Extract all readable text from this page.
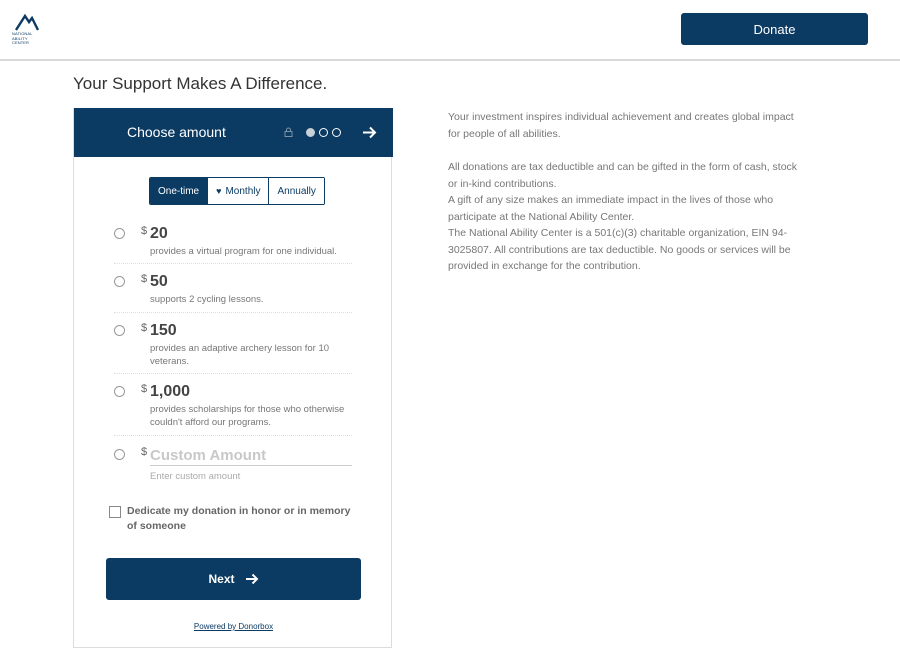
NATIONAL
ABILITY
CENTER
Donate
Your Support Makes A Difference.
Choose amount
One-time ♥ Monthly Annually
$ 20
provides a virtual program for one individual.
$ 50
supports 2 cycling lessons.
$ 150
provides an adaptive archery lesson for 10 veterans.
$ 1,000
provides scholarships for those who otherwise couldn't afford our programs.
$
Custom Amount
Enter custom amount
Dedicate my donation in honor or in memory of someone
Next
Powered by Donorbox

Your investment inspires individual achievement and creates global impact for people of all abilities.

All donations are tax deductible and can be gifted in the form of cash, stock or in-kind contributions.

A gift of any size makes an immediate impact in the lives of those who participate at the National Ability Center.

The National Ability Center is a 501(c)(3) charitable organization, EIN 94-3025807. All contributions are tax deductible. No goods or services will be provided in exchange for the contribution.
